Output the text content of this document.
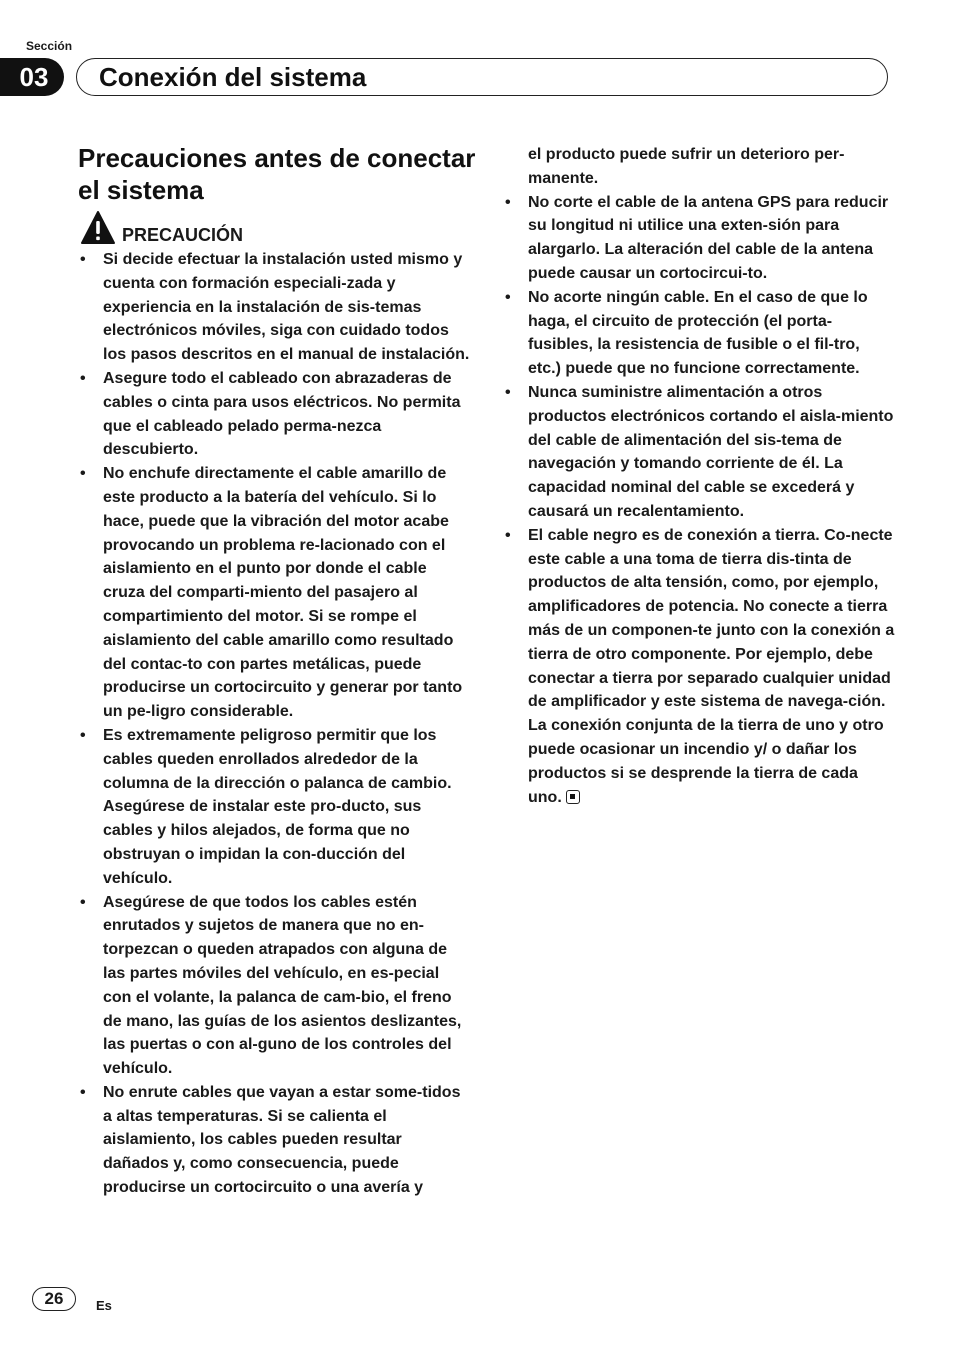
Sección
03	Conexión del sistema
Precauciones antes de conectar el sistema
PRECAUCIÓN
• Si decide efectuar la instalación usted mismo y cuenta con formación especiali-zada y experiencia en la instalación de sis-temas electrónicos móviles, siga con cuidado todos los pasos descritos en el manual de instalación.
• Asegure todo el cableado con abrazaderas de cables o cinta para usos eléctricos. No permita que el cableado pelado perma-nezca descubierto.
• No enchufe directamente el cable amarillo de este producto a la batería del vehículo. Si lo hace, puede que la vibración del motor acabe provocando un problema re-lacionado con el aislamiento en el punto por donde el cable cruza del comparti-miento del pasajero al compartimiento del motor. Si se rompe el aislamiento del cable amarillo como resultado del contac-to con partes metálicas, puede producirse un cortocircuito y generar por tanto un pe-ligro considerable.
• Es extremamente peligroso permitir que los cables queden enrollados alrededor de la columna de la dirección o palanca de cambio. Asegúrese de instalar este pro-ducto, sus cables y hilos alejados, de forma que no obstruyan o impidan la con-ducción del vehículo.
• Asegúrese de que todos los cables estén enrutados y sujetos de manera que no en-torpezcan o queden atrapados con alguna de las partes móviles del vehículo, en es-pecial con el volante, la palanca de cam-bio, el freno de mano, las guías de los asientos deslizantes, las puertas o con al-guno de los controles del vehículo.
• No enrute cables que vayan a estar some-tidos a altas temperaturas. Si se calienta el aislamiento, los cables pueden resultar dañados y, como consecuencia, puede producirse un cortocircuito o una avería y
el producto puede sufrir un deterioro per-manente.
• No corte el cable de la antena GPS para reducir su longitud ni utilice una exten-sión para alargarlo. La alteración del cable de la antena puede causar un cortocircui-to.
• No acorte ningún cable. En el caso de que lo haga, el circuito de protección (el porta-fusibles, la resistencia de fusible o el fil-tro, etc.) puede que no funcione correctamente.
• Nunca suministre alimentación a otros productos electrónicos cortando el aisla-miento del cable de alimentación del sis-tema de navegación y tomando corriente de él. La capacidad nominal del cable se excederá y causará un recalentamiento.
• El cable negro es de conexión a tierra. Co-necte este cable a una toma de tierra dis-tinta de productos de alta tensión, como, por ejemplo, amplificadores de potencia. No conecte a tierra más de un componen-te junto con la conexión a tierra de otro componente. Por ejemplo, debe conectar a tierra por separado cualquier unidad de amplificador y este sistema de navega-ción. La conexión conjunta de la tierra de uno y otro puede ocasionar un incendio y/ o dañar los productos si se desprende la tierra de cada uno.
26	Es
